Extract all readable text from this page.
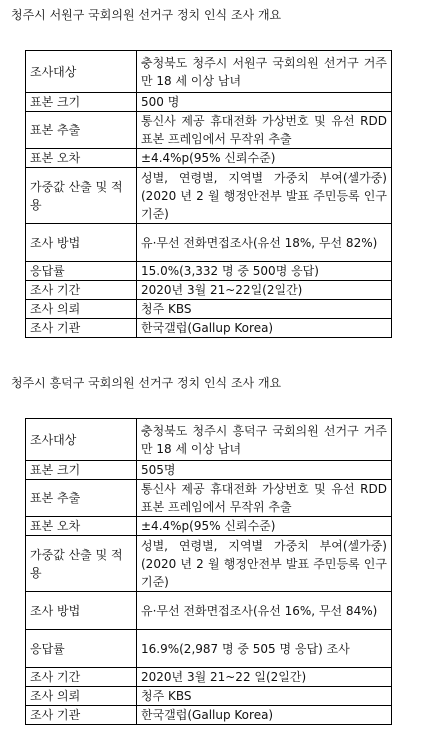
청주시 서원구 국회의원 선거구 정치 인식 조사 개요
조사대상	충청북도 청주시 서원구 국회의원 선거구 거주 만 18 세 이상 남녀
표본 크기	500 명
표본 추출	통신사 제공 휴대전화 가상번호 및 유선 RDD 표본 프레임에서 무작위 추출
표본 오차	±4.4%p(95% 신뢰수준)
가중값 산출 및 적용	성별, 연령별, 지역별 가중치 부여(셀가중) (2020 년 2 월 행정안전부 발표 주민등록 인구 기준)
조사 방법	유·무선 전화면접조사(유선 18%, 무선 82%)
응답률	15.0%(3,332 명 중 500명 응답)
조사 기간	2020년 3월 21~22일(2일간)
조사 의뢰	청주 KBS
조사 기관	한국갤럽(Gallup Korea)
청주시 흥덕구 국회의원 선거구 정치 인식 조사 개요
조사대상	충청북도 청주시 흥덕구 국회의원 선거구 거주 만 18 세 이상 남녀
표본 크기	505명
표본 추출	통신사 제공 휴대전화 가상번호 및 유선 RDD 표본 프레임에서 무작위 추출
표본 오차	±4.4%p(95% 신뢰수준)
가중값 산출 및 적용	성별, 연령별, 지역별 가중치 부여(셀가중) (2020 년 2 월 행정안전부 발표 주민등록 인구 기준)
조사 방법	유·무선 전화면접조사(유선 16%, 무선 84%)
응답률	16.9%(2,987 명 중 505 명 응답) 조사
조사 기간	2020년 3월 21~22 일(2일간)
조사 의뢰	청주 KBS
조사 기관	한국갤럽(Gallup Korea)
